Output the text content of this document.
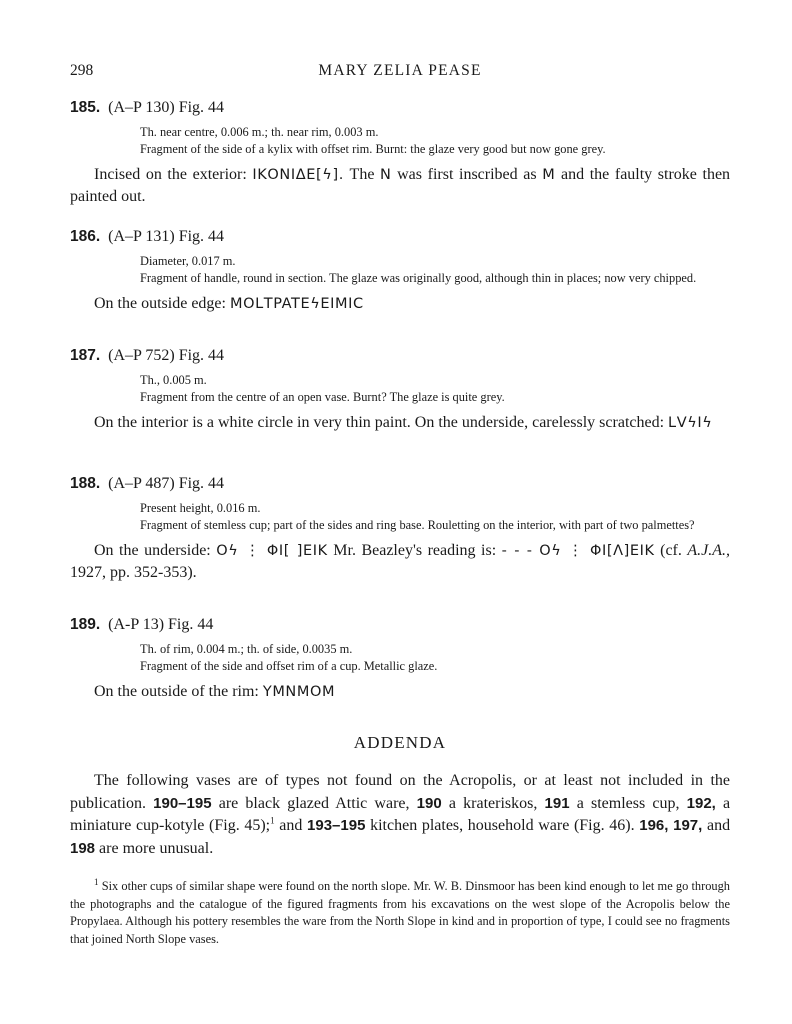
298	MARY ZELIA PEASE
185. (A–P 130) Fig. 44

Th. near centre, 0.006 m.; th. near rim, 0.003 m.

Fragment of the side of a kylix with offset rim. Burnt: the glaze very good but now gone grey.

Incised on the exterior: ΙΚΟΝΙΔΕ[ϟ]. The N was first inscribed as M and the faulty stroke then painted out.

186. (A–P 131) Fig. 44

Diameter, 0.017 m.

Fragment of handle, round in section. The glaze was originally good, although thin in places; now very chipped.

On the outside edge: MOᒪTPATEϟEIMIC

187. (A–P 752) Fig. 44

Th., 0.005 m.

Fragment from the centre of an open vase. Burnt? The glaze is quite grey.

On the interior is a white circle in very thin paint. On the underside, carelessly scratched: ᒪVϟIϟ

188. (A–P 487) Fig. 44

Present height, 0.016 m.

Fragment of stemless cup; part of the sides and ring base. Rouletting on the interior, with part of two palmettes?

On the underside: Oϟ ⋮ ΦΙ[ ]ΕΙΚ Mr. Beazley's reading is: - - - Oϟ ⋮ ΦΙ[Λ]ΕΙΚ (cf. A.J.A., 1927, pp. 352-353).

189. (A-P 13) Fig. 44

Th. of rim, 0.004 m.; th. of side, 0.0035 m.

Fragment of the side and offset rim of a cup. Metallic glaze.

On the outside of the rim: ΥMNMOM

ADDENDA

The following vases are of types not found on the Acropolis, or at least not included in the publication. 190–195 are black glazed Attic ware, 190 a krateriskos, 191 a stemless cup, 192, a miniature cup-kotyle (Fig. 45);$^1$ and 193–195 kitchen plates, household ware (Fig. 46). 196, 197, and 198 are more unusual.

$^1$ Six other cups of similar shape were found on the north slope. Mr. W. B. Dinsmoor has been kind enough to let me go through the photographs and the catalogue of the figured fragments from his excavations on the west slope of the Acropolis below the Propylaea. Although his pottery resembles the ware from the North Slope in kind and in proportion of type, I could see no fragments that joined North Slope vases.
